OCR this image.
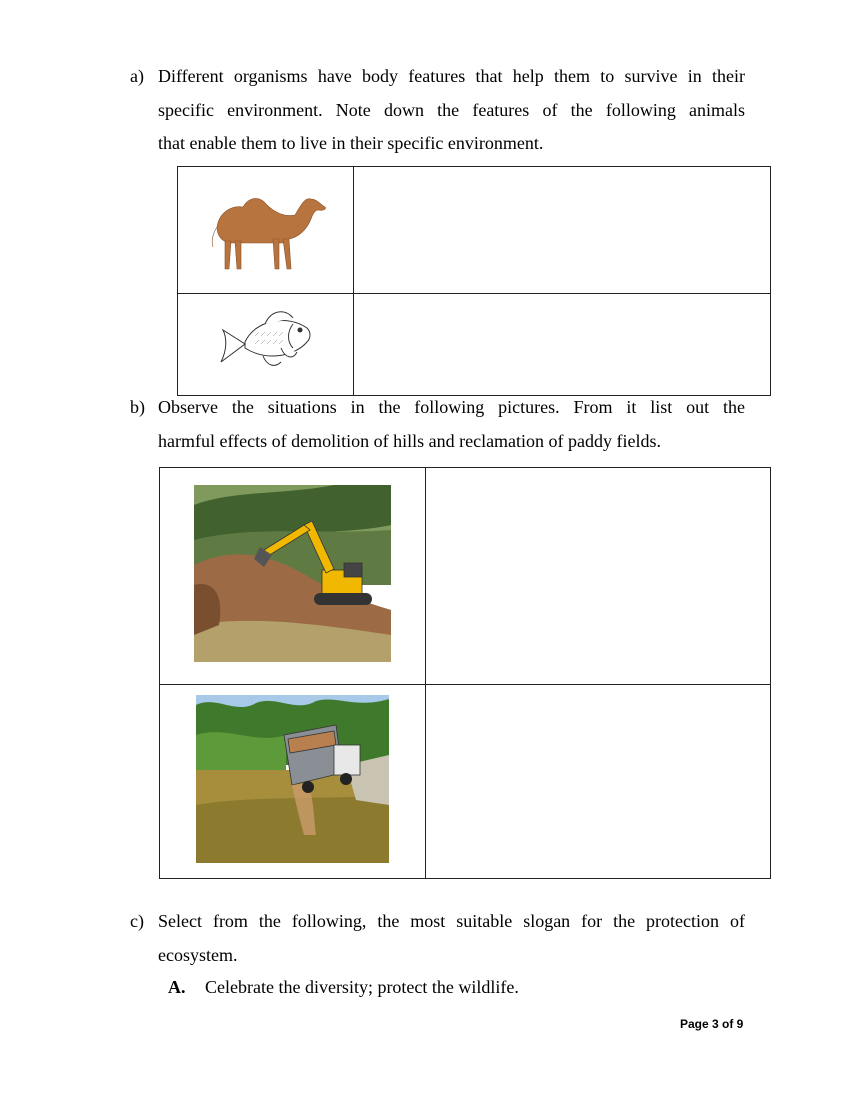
a) Different organisms have body features that help them to survive in their
specific environment. Note down the features of the following animals
that enable them to live in their specific environment.

b) Observe the situations in the following pictures. From it list out the
harmful effects of demolition of hills and reclamation of paddy fields.

c) Select from the following, the most suitable slogan for the protection of
ecosystem.
A. Celebrate the diversity; protect the wildlife.
Page 3 of 9
